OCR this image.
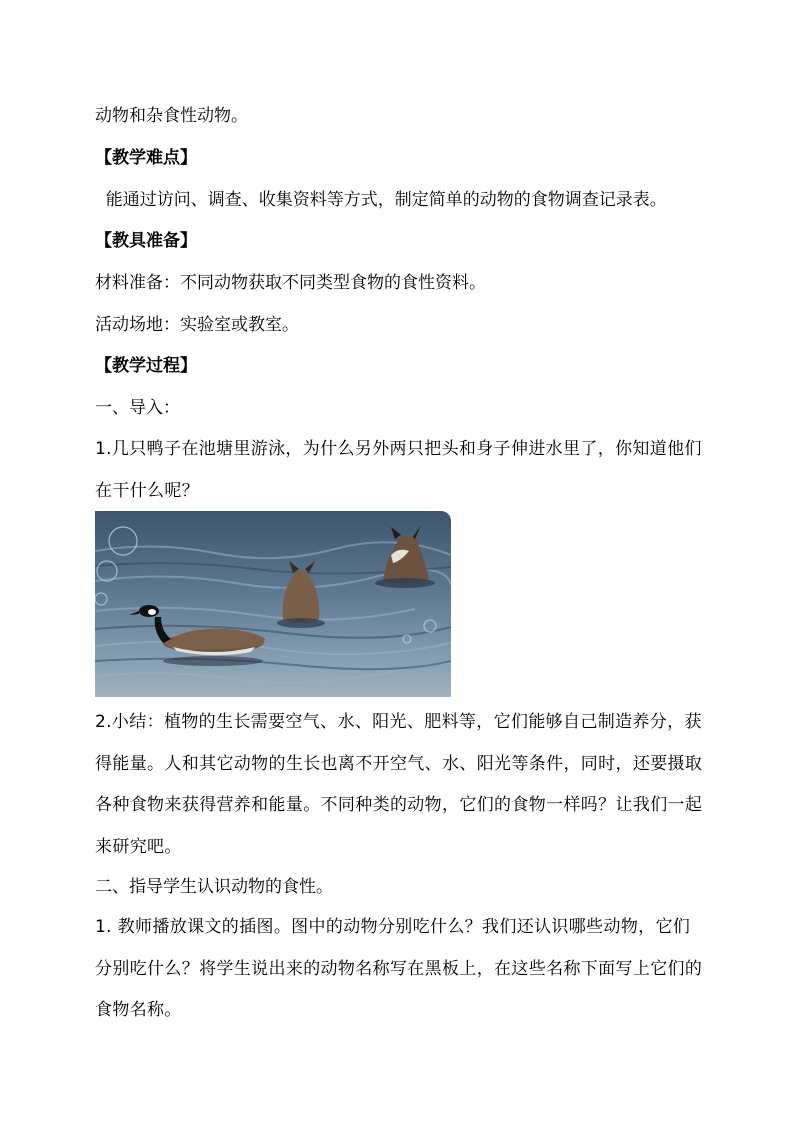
动物和杂食性动物。
【教学难点】
能通过访问、调查、收集资料等方式，制定简单的动物的食物调查记录表。
【教具准备】
材料准备：不同动物获取不同类型食物的食性资料。
活动场地：实验室或教室。
【教学过程】
一、导入：
1.几只鸭子在池塘里游泳，为什么另外两只把头和身子伸进水里了，你知道他们在干什么呢？
2.小结：植物的生长需要空气、水、阳光、肥料等，它们能够自己制造养分，获得能量。人和其它动物的生长也离不开空气、水、阳光等条件，同时，还要摄取各种食物来获得营养和能量。不同种类的动物，它们的食物一样吗？让我们一起来研究吧。
二、指导学生认识动物的食性。
1. 教师播放课文的插图。图中的动物分别吃什么？我们还认识哪些动物，它们分别吃什么？将学生说出来的动物名称写在黑板上，在这些名称下面写上它们的食物名称。
